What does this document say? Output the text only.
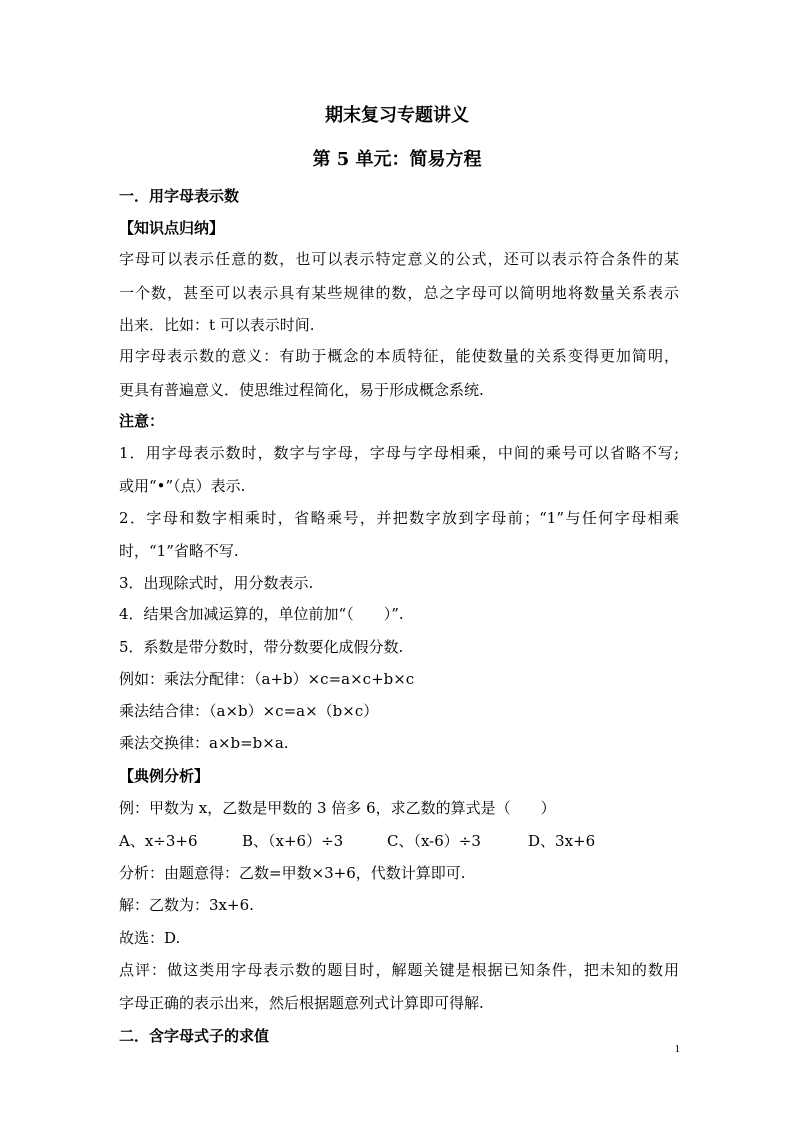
期末复习专题讲义
第 5 单元：简易方程
一．用字母表示数
【知识点归纳】
字母可以表示任意的数，也可以表示特定意义的公式，还可以表示符合条件的某
一个数，甚至可以表示具有某些规律的数，总之字母可以简明地将数量关系表示
出来．比如：t 可以表示时间.
用字母表示数的意义：有助于概念的本质特征，能使数量的关系变得更加简明，
更具有普遍意义．使思维过程简化，易于形成概念系统.
注意：
1．用字母表示数时，数字与字母，字母与字母相乘，中间的乘号可以省略不写;
或用“•”（点）表示.
2．字母和数字相乘时，省略乘号，并把数字放到字母前；“1”与任何字母相乘
时，“1”省略不写.
3．出现除式时，用分数表示.
4．结果含加减运算的，单位前加“（　　）”.
5．系数是带分数时，带分数要化成假分数.
例如：乘法分配律：（a+b）×c=a×c+b×c
乘法结合律：（a×b）×c=a×（b×c）
乘法交换律：a×b=b×a.
【典例分析】
例：甲数为 x，乙数是甲数的 3 倍多 6，求乙数的算式是（　　）
A、x÷3+6	B、（x+6）÷3	C、（x-6）÷3	D、3x+6
分析：由题意得：乙数=甲数×3+6，代数计算即可.
解：乙数为：3x+6.
故选：D.
点评：做这类用字母表示数的题目时，解题关键是根据已知条件，把未知的数用
字母正确的表示出来，然后根据题意列式计算即可得解.
二．含字母式子的求值
1
